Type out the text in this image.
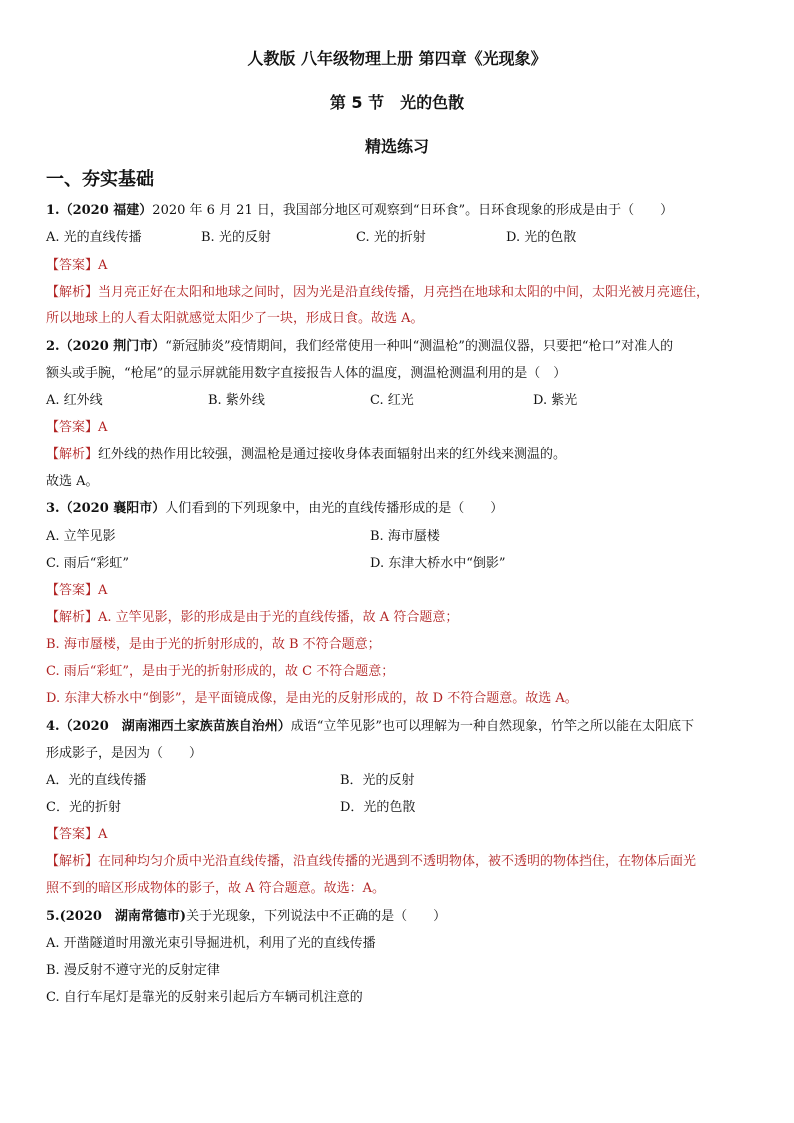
人教版 八年级物理上册 第四章《光现象》
第 5 节　光的色散
精选练习
一、夯实基础
1.（2020 福建）2020 年 6 月 21 日，我国部分地区可观察到“日环食”。日环食现象的形成是由于（　　）
A. 光的直线传播	B. 光的反射	C. 光的折射	D. 光的色散
【答案】A
【解析】当月亮正好在太阳和地球之间时，因为光是沿直线传播，月亮挡在地球和太阳的中间，太阳光被月亮遮住，
所以地球上的人看太阳就感觉太阳少了一块，形成日食。故选 A。
2.（2020 荆门市）“新冠肺炎”疫情期间，我们经常使用一种叫“测温枪”的测温仪器，只要把“枪口”对准人的
额头或手腕，“枪尾”的显示屏就能用数字直接报告人体的温度，测温枪测温利用的是（　）
A. 红外线	B. 紫外线	C. 红光	D. 紫光
【答案】A
【解析】红外线的热作用比较强，测温枪是通过接收身体表面辐射出来的红外线来测温的。
故选 A。
3.（2020 襄阳市）人们看到的下列现象中，由光的直线传播形成的是（　　）
A. 立竿见影	B. 海市蜃楼
C. 雨后“彩虹”	D. 东津大桥水中“倒影”
【答案】A
【解析】A. 立竿见影，影的形成是由于光的直线传播，故 A 符合题意；
B. 海市蜃楼，是由于光的折射形成的，故 B 不符合题意；
C. 雨后“彩虹”，是由于光的折射形成的，故 C 不符合题意；
D. 东津大桥水中“倒影”，是平面镜成像，是由光的反射形成的，故 D 不符合题意。故选 A。
4.（2020　湖南湘西土家族苗族自治州）成语“立竿见影”也可以理解为一种自然现象，竹竿之所以能在太阳底下
形成影子，是因为（　　）
A．光的直线传播	B．光的反射
C．光的折射	D．光的色散
【答案】A
【解析】在同种均匀介质中光沿直线传播，沿直线传播的光遇到不透明物体，被不透明的物体挡住，在物体后面光
照不到的暗区形成物体的影子，故 A 符合题意。故选：A。
5.(2020　湖南常德市)关于光现象，下列说法中不正确的是（　　）
A. 开凿隧道时用激光束引导掘进机，利用了光的直线传播
B. 漫反射不遵守光的反射定律
C. 自行车尾灯是靠光的反射来引起后方车辆司机注意的
